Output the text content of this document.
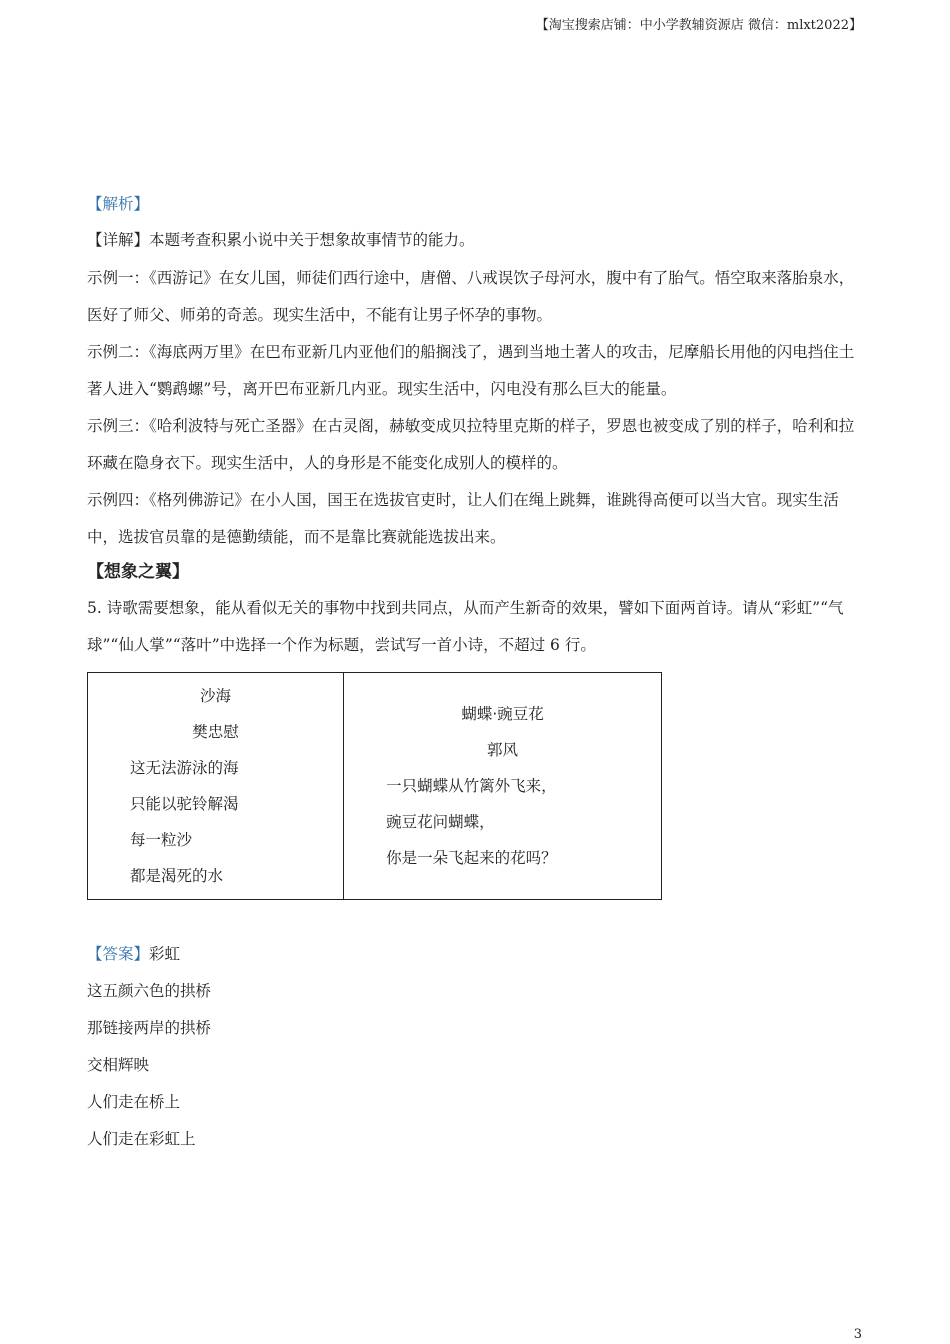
【淘宝搜索店铺：中小学教辅资源店 微信：mlxt2022】

【解析】

【详解】本题考查积累小说中关于想象故事情节的能力。

示例一：《西游记》在女儿国，师徒们西行途中，唐僧、八戒误饮子母河水，腹中有了胎气。悟空取来落胎泉水，医好了师父、师弟的奇恙。现实生活中，不能有让男子怀孕的事物。

示例二：《海底两万里》在巴布亚新几内亚他们的船搁浅了，遇到当地土著人的攻击，尼摩船长用他的闪电挡住土著人进入“鹦鹉螺”号，离开巴布亚新几内亚。现实生活中，闪电没有那么巨大的能量。

示例三：《哈利波特与死亡圣器》在古灵阁，赫敏变成贝拉特里克斯的样子，罗恩也被变成了别的样子，哈利和拉环藏在隐身衣下。现实生活中，人的身形是不能变化成别人的模样的。

示例四：《格列佛游记》在小人国，国王在选拔官吏时，让人们在绳上跳舞，谁跳得高便可以当大官。现实生活中，选拔官员靠的是德勤绩能，而不是靠比赛就能选拔出来。

【想象之翼】

5. 诗歌需要想象，能从看似无关的事物中找到共同点，从而产生新奇的效果，譬如下面两首诗。请从“彩虹”“气球”“仙人掌”“落叶”中选择一个作为标题，尝试写一首小诗，不超过 6 行。

沙海
樊忠慰
这无法游泳的海
只能以驼铃解渴
每一粒沙
都是渴死的水

蝴蝶·豌豆花
郭风
一只蝴蝶从竹篱外飞来，
豌豆花问蝴蝶，
你是一朵飞起来的花吗？

【答案】彩虹

这五颜六色的拱桥

那链接两岸的拱桥

交相辉映

人们走在桥上

人们走在彩虹上

3
